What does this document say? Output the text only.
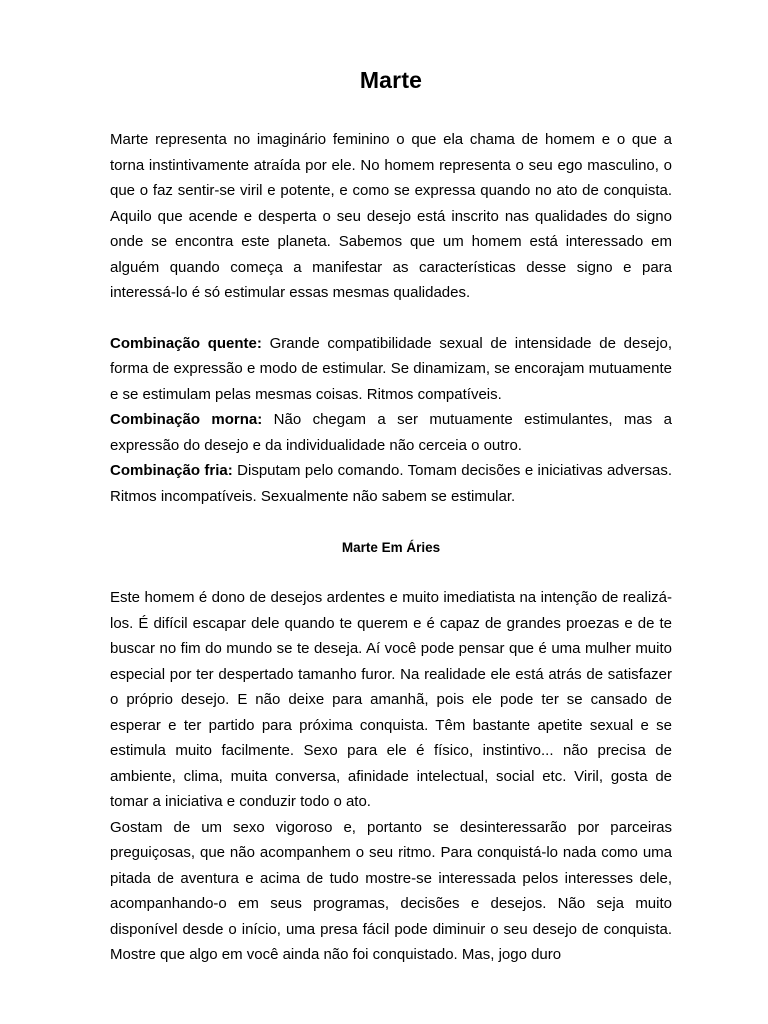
Marte

Marte representa no imaginário feminino o que ela chama de homem e o que a torna instintivamente atraída por ele. No homem representa o seu ego masculino, o que o faz sentir-se viril e potente, e como se expressa quando no ato de conquista. Aquilo que acende e desperta o seu desejo está inscrito nas qualidades do signo onde se encontra este planeta. Sabemos que um homem está interessado em alguém quando começa a manifestar as características desse signo e para interessá-lo é só estimular essas mesmas qualidades.

Combinação quente: Grande compatibilidade sexual de intensidade de desejo, forma de expressão e modo de estimular. Se dinamizam, se encorajam mutuamente e se estimulam pelas mesmas coisas. Ritmos compatíveis.

Combinação morna: Não chegam a ser mutuamente estimulantes, mas a expressão do desejo e da individualidade não cerceia o outro.

Combinação fria: Disputam pelo comando. Tomam decisões e iniciativas adversas. Ritmos incompatíveis. Sexualmente não sabem se estimular.

Marte Em Áries

Este homem é dono de desejos ardentes e muito imediatista na intenção de realizá-los. É difícil escapar dele quando te querem e é capaz de grandes proezas e de te buscar no fim do mundo se te deseja. Aí você pode pensar que é uma mulher muito especial por ter despertado tamanho furor. Na realidade ele está atrás de satisfazer o próprio desejo. E não deixe para amanhã, pois ele pode ter se cansado de esperar e ter partido para próxima conquista. Têm bastante apetite sexual e se estimula muito facilmente. Sexo para ele é físico, instintivo... não precisa de ambiente, clima, muita conversa, afinidade intelectual, social etc. Viril, gosta de tomar a iniciativa e conduzir todo o ato.

Gostam de um sexo vigoroso e, portanto se desinteressarão por parceiras preguiçosas, que não acompanhem o seu ritmo. Para conquistá-lo nada como uma pitada de aventura e acima de tudo mostre-se interessada pelos interesses dele, acompanhando-o em seus programas, decisões e desejos. Não seja muito disponível desde o início, uma presa fácil pode diminuir o seu desejo de conquista. Mostre que algo em você ainda não foi conquistado. Mas, jogo duro
